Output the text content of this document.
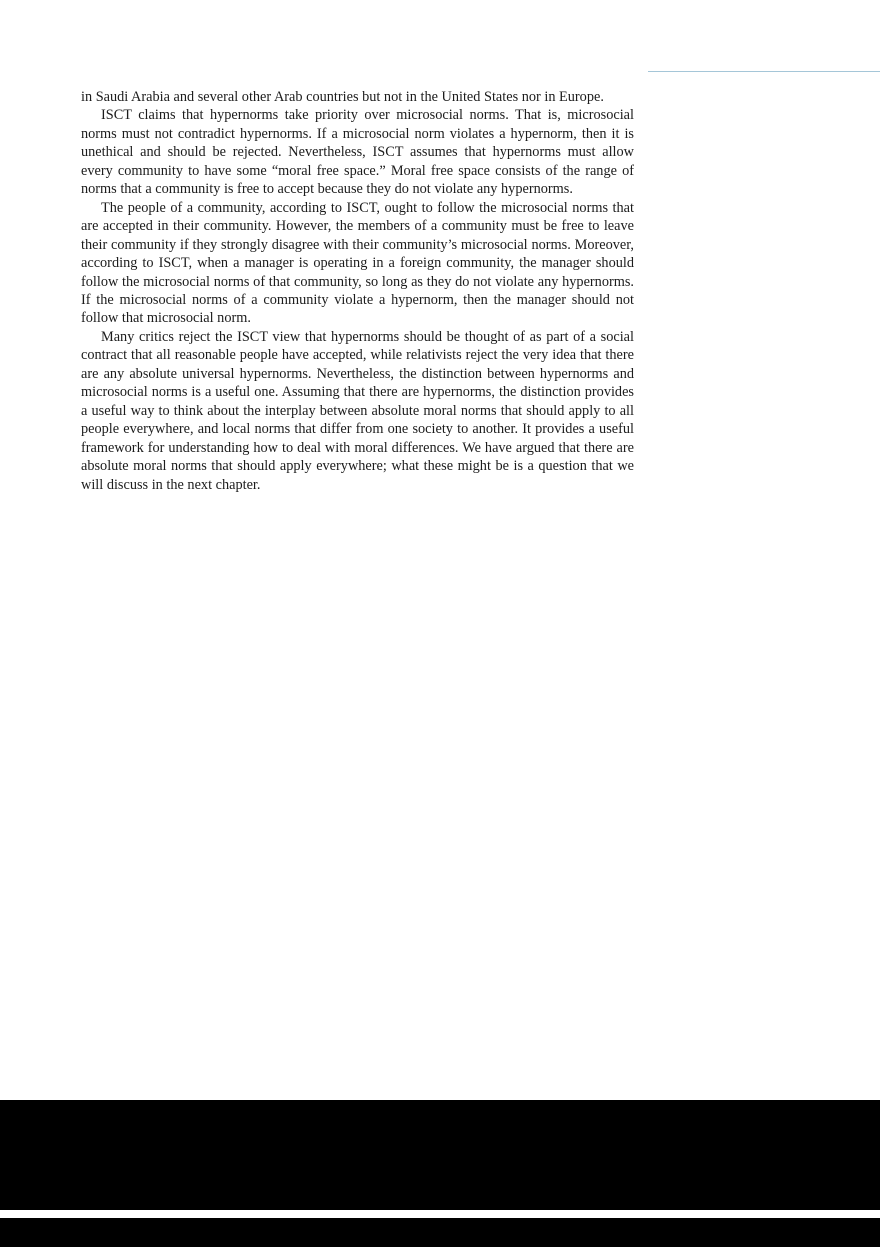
in Saudi Arabia and several other Arab countries but not in the United States nor in Europe.

ISCT claims that hypernorms take priority over microsocial norms. That is, microsocial norms must not contradict hypernorms. If a microsocial norm violates a hypernorm, then it is unethical and should be rejected. Nevertheless, ISCT assumes that hypernorms must allow every community to have some “moral free space.” Moral free space consists of the range of norms that a community is free to accept because they do not violate any hypernorms.

The people of a community, according to ISCT, ought to follow the microsocial norms that are accepted in their community. However, the members of a community must be free to leave their community if they strongly disagree with their community’s microsocial norms. Moreover, according to ISCT, when a manager is operating in a foreign community, the manager should follow the microsocial norms of that community, so long as they do not violate any hypernorms. If the microsocial norms of a community violate a hypernorm, then the manager should not follow that microsocial norm.

Many critics reject the ISCT view that hypernorms should be thought of as part of a social contract that all reasonable people have accepted, while relativists reject the very idea that there are any absolute universal hypernorms. Nevertheless, the distinction between hypernorms and microsocial norms is a useful one. Assuming that there are hypernorms, the distinction provides a useful way to think about the interplay between absolute moral norms that should apply to all people everywhere, and local norms that differ from one society to another. It provides a useful framework for understanding how to deal with moral differences. We have argued that there are absolute moral norms that should apply everywhere; what these might be is a question that we will discuss in the next chapter.
